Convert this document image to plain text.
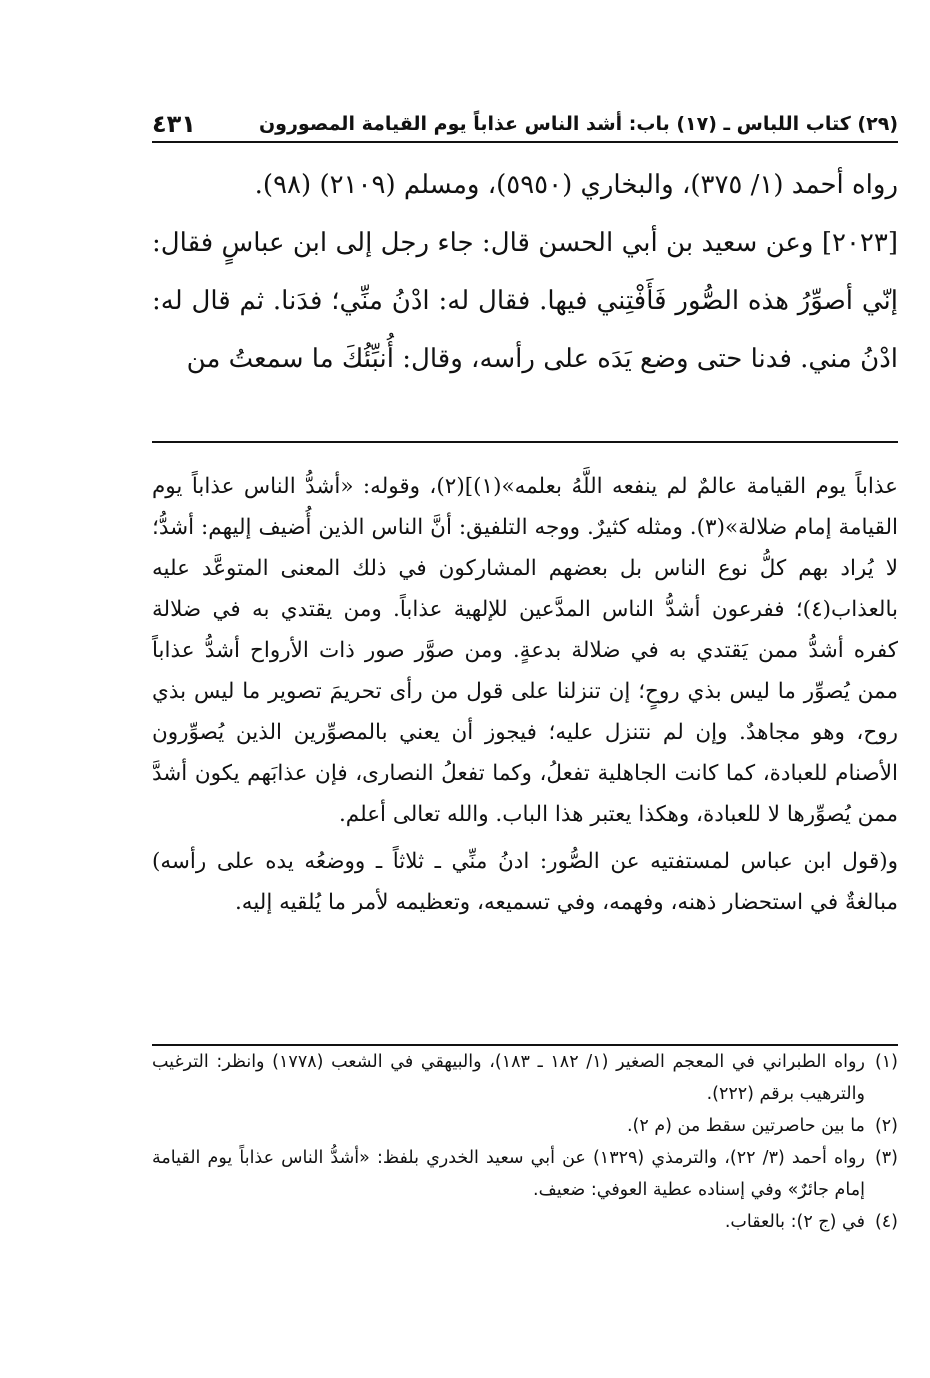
(٢٩) كتاب اللباس ـ (١٧) باب: أشد الناس عذاباً يوم القيامة المصورون
٤٣١

رواه أحمد (١/ ٣٧٥)، والبخاري (٥٩٥٠)، ومسلم (٢١٠٩) (٩٨).

[٢٠٢٣] وعن سعيد بن أبي الحسن قال: جاء رجل إلى ابن عباسٍ فقال: إنّي أصوِّرُ هذه الصُّور فَأَفْتِني فيها. فقال له: ادْنُ منِّي؛ فدَنا. ثم قال له: ادْنُ مني. فدنا حتى وضع يَدَه على رأسه، وقال: أُنبِّئُكَ ما سمعتُ من

عذاباً يوم القيامة عالمٌ لم ينفعه اللَّهُ بعلمه»(١)](٢)، وقوله: «أشدُّ الناس عذاباً يوم القيامة إمام ضلالة»(٣). ومثله كثيرٌ. ووجه التلفيق: أنَّ الناس الذين أُضيف إليهم: أشدُّ؛ لا يُراد بهم كلُّ نوع الناس بل بعضهم المشاركون في ذلك المعنى المتوعَّد عليه بالعذاب(٤)؛ ففرعون أشدُّ الناس المدَّعين للإلهية عذاباً. ومن يقتدي به في ضلالة كفره أشدُّ ممن يَقتدي به في ضلالة بدعةٍ. ومن صوَّر صور ذات الأرواح أشدُّ عذاباً ممن يُصوِّر ما ليس بذي روحٍ؛ إن تنزلنا على قول من رأى تحريمَ تصوير ما ليس بذي روح، وهو مجاهدٌ. وإن لم نتنزل عليه؛ فيجوز أن يعني بالمصوِّرين الذين يُصوِّرون الأصنام للعبادة، كما كانت الجاهلية تفعلُ، وكما تفعلُ النصارى، فإن عذابَهم يكون أشدَّ ممن يُصوِّرها لا للعبادة، وهكذا يعتبر هذا الباب. والله تعالى أعلم.

و(قول ابن عباس لمستفتيه عن الصُّور: ادنُ منِّي ـ ثلاثاً ـ ووضعُه يده على رأسه) مبالغةٌ في استحضار ذهنه، وفهمه، وفي تسميعه، وتعظيمه لأمر ما يُلقيه إليه.

(١)
رواه الطبراني في المعجم الصغير (١/ ١٨٢ ـ ١٨٣)، والبيهقي في الشعب (١٧٧٨) وانظر: الترغيب والترهيب برقم (٢٢٢).
(٢)
ما بين حاصرتين سقط من (م ٢).
(٣)
رواه أحمد (٣/ ٢٢)، والترمذي (١٣٢٩) عن أبي سعيد الخدري بلفظ: «أشدُّ الناس عذاباً يوم القيامة إمام جائرٌ» وفي إسناده عطية العوفي: ضعيف.
(٤)
في (ج ٢): بالعقاب.
